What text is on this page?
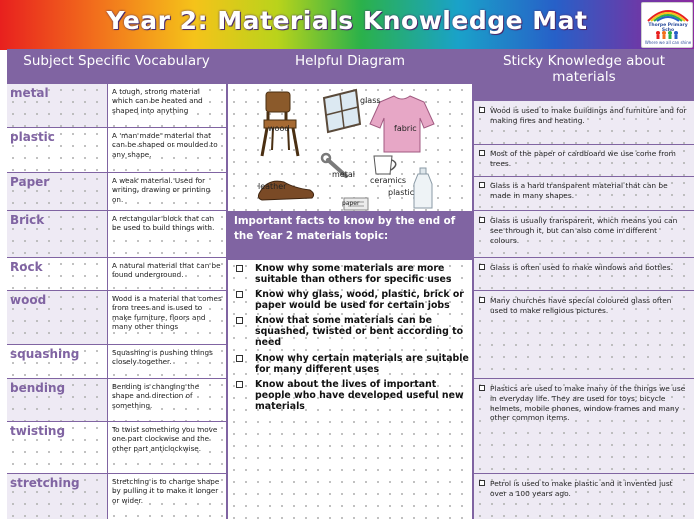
Year 2: Materials Knowledge Mat	Thorpe Primary Scho
Where we all can shine
Subject Specific Vocabulary	Helpful Diagram	Sticky Knowledge about materials
metal	A tough, strong material which can be heated and shaped into anything
plastic	A 'man made' material that can be shaped or moulded to any shape.
Paper	A weak material. Used for writing, drawing or printing on.
Brick	A rectangular block that can be used to build things with.
Rock	A natural material that can be found underground.
wood	Wood is a material that comes from trees and is used to make furniture, floors and many other things
squashing	Squashing is pushing things closely together.
bending	Bending is changing the shape and direction of something.
twisting	To twist something you move one part clockwise and the other part anticlockwise.
stretching	Stretching is to change shape by pulling it to make it longer or wider.
wood
glass
fabric
metal
ceramics
leather
plastic
paper
Important facts to know by the end of the Year 2 materials topic:
Know why some materials are more suitable than others for specific uses
Know why glass, wood, plastic, brick or paper would be used for certain jobs
Know that some materials can be squashed, twisted or bent according to need
Know why certain materials are suitable for many different uses
Know about the lives of important people who have developed useful new materials
Wood is used to make buildings and furniture and for making fires and heating.
Most of the paper or cardboard we use come from trees.
Glass is a hard transparent material that can be made in many shapes.
Glass is usually transparent, which means you can see through it, but can also come in different colours.
Glass is often used to make windows and bottles.
Many churches have special coloured glass often used to make religious pictures.
Plastics are used to make many of the things we use in everyday life. They are used for toys, bicycle helmets, mobile phones, window frames and many other common items.
Petrol is used to make plastic and it invented just over a 100 years ago.
